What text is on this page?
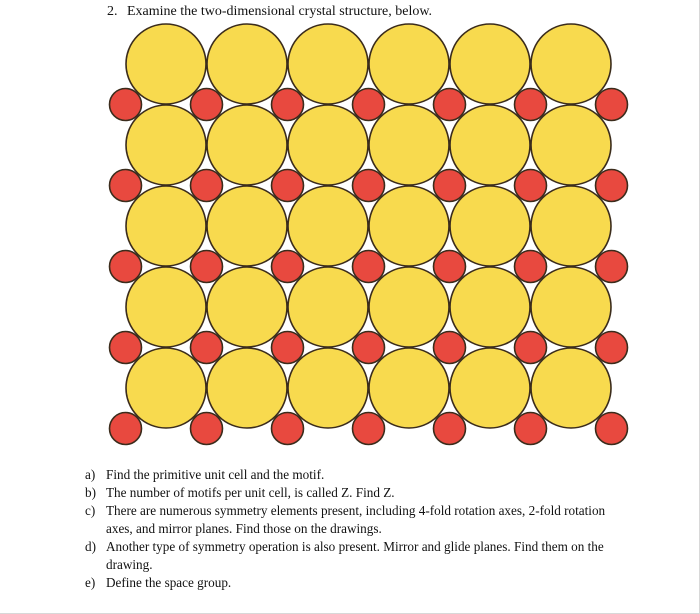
2. Examine the two-dimensional crystal structure, below.
a) Find the primitive unit cell and the motif.
b) The number of motifs per unit cell, is called Z. Find Z.
c) There are numerous symmetry elements present, including 4-fold rotation axes, 2-fold rotation axes, and mirror planes. Find those on the drawings.
d) Another type of symmetry operation is also present. Mirror and glide planes. Find them on the drawing.
e) Define the space group.
